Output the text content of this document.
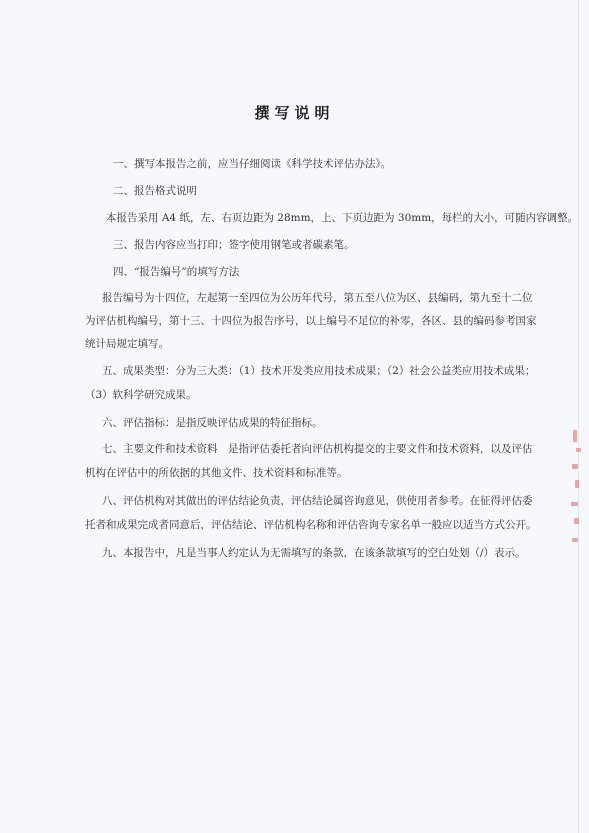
撰写说明
一、撰写本报告之前，应当仔细阅读《科学技术评估办法》。
二、报告格式说明
本报告采用 A4 纸，左、右页边距为 28mm，上、下页边距为 30mm，每栏的大小，可随内容调整。
三、报告内容应当打印；签字使用钢笔或者碳素笔。
四、“报告编号”的填写方法
报告编号为十四位，左起第一至四位为公历年代号，第五至八位为区、县编码，第九至十二位
为评估机构编号，第十三、十四位为报告序号，以上编号不足位的补零，各区、县的编码参考国家
统计局规定填写。
五、成果类型：分为三大类：（1）技术开发类应用技术成果；（2）社会公益类应用技术成果；
（3）软科学研究成果。
六、评估指标：是指反映评估成果的特征指标。
七、主要文件和技术资料　是指评估委托者向评估机构提交的主要文件和技术资料，以及评估
机构在评估中的所依据的其他文件、技术资料和标准等。
八、评估机构对其做出的评估结论负责，评估结论属咨询意见，供使用者参考。在征得评估委
托者和成果完成者同意后，评估结论、评估机构名称和评估咨询专家名单一般应以适当方式公开。
九、本报告中，凡是当事人约定认为无需填写的条款，在该条款填写的空白处划（/）表示。
